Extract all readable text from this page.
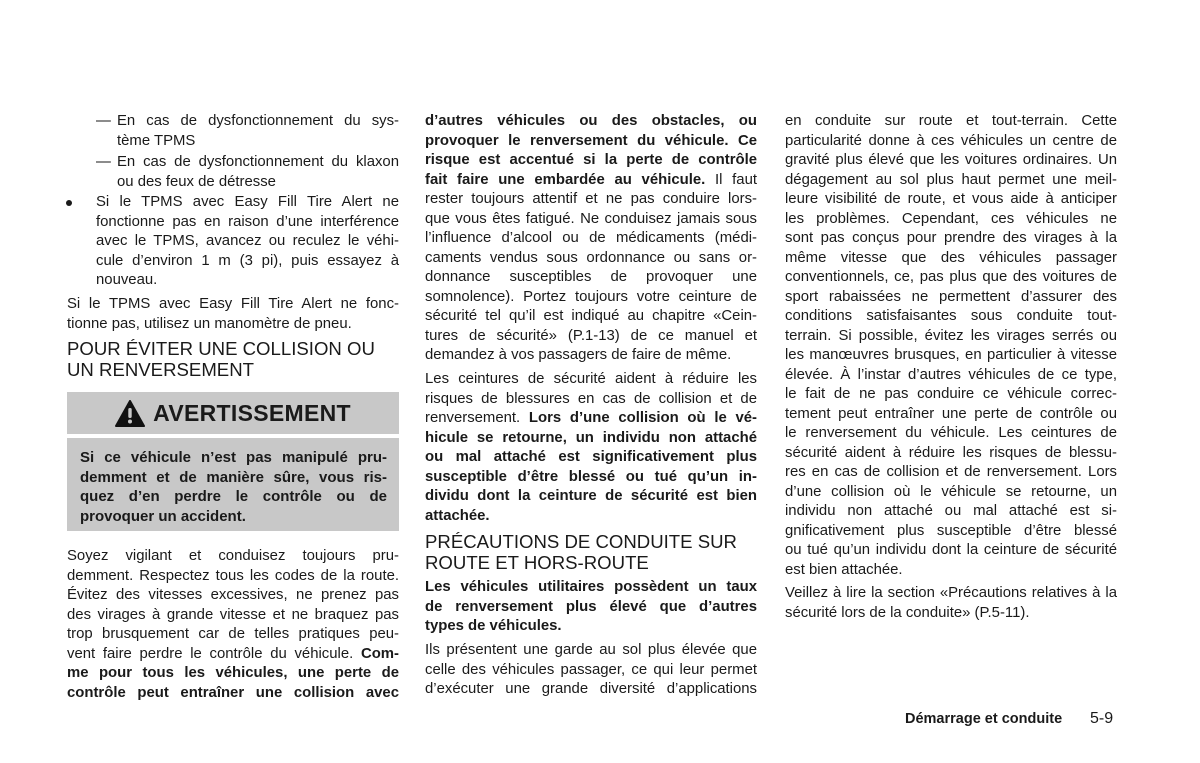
— En cas de dysfonctionnement du sys-
tème TPMS
— En cas de dysfonctionnement du klaxon
ou des feux de détresse
Si le TPMS avec Easy Fill Tire Alert ne
fonctionne pas en raison d’une interférence
avec le TPMS, avancez ou reculez le véhi-
cule d’environ 1 m (3 pi), puis essayez à
nouveau.
Si le TPMS avec Easy Fill Tire Alert ne fonc-
tionne pas, utilisez un manomètre de pneu.
POUR ÉVITER UNE COLLISION OU
UN RENVERSEMENT
AVERTISSEMENT
Si ce véhicule n’est pas manipulé pru-
demment et de manière sûre, vous ris-
quez d’en perdre le contrôle ou de
provoquer un accident.
Soyez vigilant et conduisez toujours pru-
demment. Respectez tous les codes de la route.
Évitez des vitesses excessives, ne prenez pas
des virages à grande vitesse et ne braquez pas
trop brusquement car de telles pratiques peu-
vent faire perdre le contrôle du véhicule. Com-
me pour tous les véhicules, une perte de
contrôle peut entraîner une collision avec
d’autres véhicules ou des obstacles, ou
provoquer le renversement du véhicule. Ce
risque est accentué si la perte de contrôle
fait faire une embardée au véhicule. Il faut
rester toujours attentif et ne pas conduire lors-
que vous êtes fatigué. Ne conduisez jamais sous
l’influence d’alcool ou de médicaments (médi-
caments vendus sous ordonnance ou sans or-
donnance susceptibles de provoquer une
somnolence). Portez toujours votre ceinture de
sécurité tel qu’il est indiqué au chapitre «Cein-
tures de sécurité» (P.1-13) de ce manuel et
demandez à vos passagers de faire de même.
Les ceintures de sécurité aident à réduire les
risques de blessures en cas de collision et de
renversement. Lors d’une collision où le vé-
hicule se retourne, un individu non attaché
ou mal attaché est significativement plus
susceptible d’être blessé ou tué qu’un in-
dividu dont la ceinture de sécurité est bien
attachée.
PRÉCAUTIONS DE CONDUITE SUR
ROUTE ET HORS-ROUTE
Les véhicules utilitaires possèdent un taux
de renversement plus élevé que d’autres
types de véhicules.
Ils présentent une garde au sol plus élevée que
celle des véhicules passager, ce qui leur permet
d’exécuter une grande diversité d’applications
en conduite sur route et tout-terrain. Cette
particularité donne à ces véhicules un centre de
gravité plus élevé que les voitures ordinaires. Un
dégagement au sol plus haut permet une meil-
leure visibilité de route, et vous aide à anticiper
les problèmes. Cependant, ces véhicules ne
sont pas conçus pour prendre des virages à la
même vitesse que des véhicules passager
conventionnels, ce, pas plus que des voitures de
sport rabaissées ne permettent d’assurer des
conditions satisfaisantes sous conduite tout-
terrain. Si possible, évitez les virages serrés ou
les manœuvres brusques, en particulier à vitesse
élevée. À l’instar d’autres véhicules de ce type,
le fait de ne pas conduire ce véhicule correc-
tement peut entraîner une perte de contrôle ou
le renversement du véhicule. Les ceintures de
sécurité aident à réduire les risques de blessu-
res en cas de collision et de renversement. Lors
d’une collision où le véhicule se retourne, un
individu non attaché ou mal attaché est si-
gnificativement plus susceptible d’être blessé
ou tué qu’un individu dont la ceinture de sécurité
est bien attachée.
Veillez à lire la section «Précautions relatives à la
sécurité lors de la conduite» (P.5-11).
Démarrage et conduite 5-9
